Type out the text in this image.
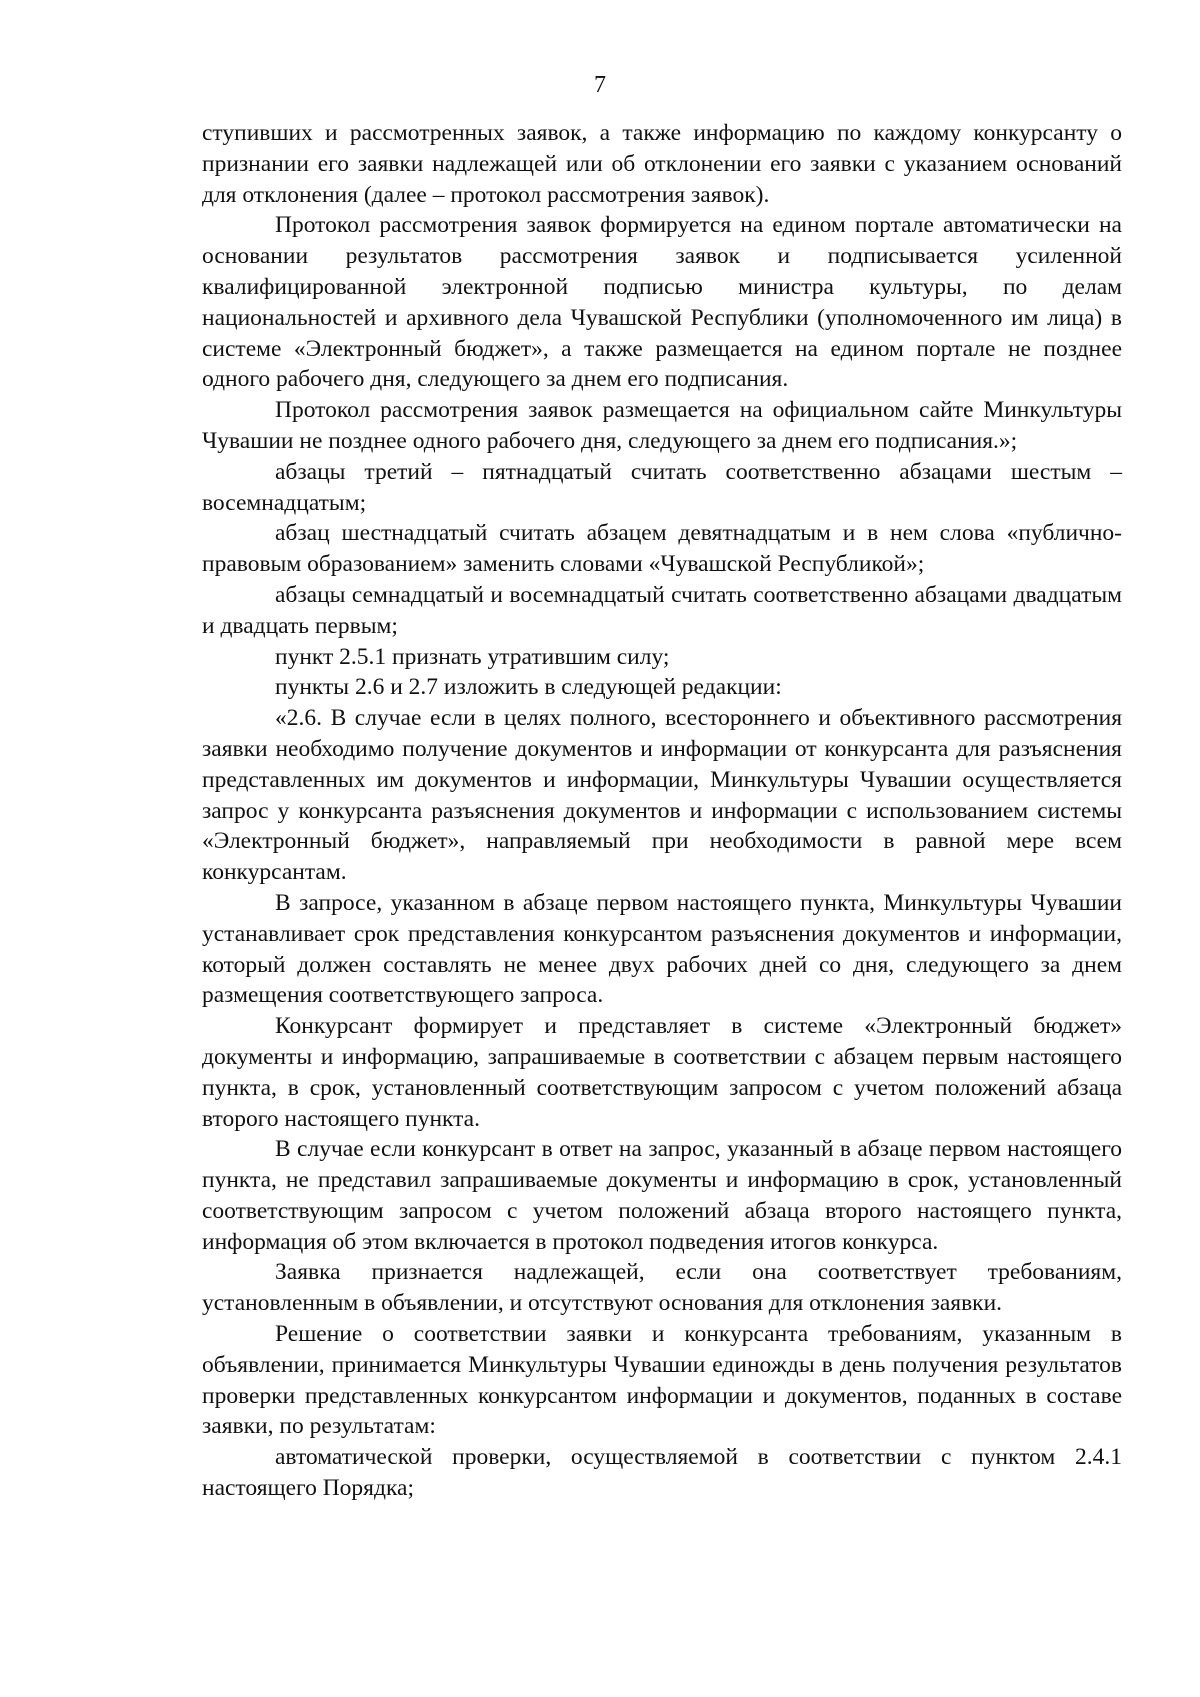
7

ступивших и рассмотренных заявок, а также информацию по каждому конкурсанту о признании его заявки надлежащей или об отклонении его заявки с указанием оснований для отклонения (далее – протокол рассмотрения заявок).

Протокол рассмотрения заявок формируется на едином портале автоматически на основании результатов рассмотрения заявок и подписывается усиленной квалифицированной электронной подписью министра культуры, по делам национальностей и архивного дела Чувашской Республики (уполномоченного им лица) в системе «Электронный бюджет», а также размещается на едином портале не позднее одного рабочего дня, следующего за днем его подписания.

Протокол рассмотрения заявок размещается на официальном сайте Минкультуры Чувашии не позднее одного рабочего дня, следующего за днем его подписания.»;

абзацы третий – пятнадцатый считать соответственно абзацами шестым – восемнадцатым;

абзац шестнадцатый считать абзацем девятнадцатым и в нем слова «публично-правовым образованием» заменить словами «Чувашской Республикой»;

абзацы семнадцатый и восемнадцатый считать соответственно абзацами двадцатым и двадцать первым;

пункт 2.5.1 признать утратившим силу;

пункты 2.6 и 2.7 изложить в следующей редакции:

«2.6. В случае если в целях полного, всестороннего и объективного рассмотрения заявки необходимо получение документов и информации от конкурсанта для разъяснения представленных им документов и информации, Минкультуры Чувашии осуществляется запрос у конкурсанта разъяснения документов и информации с использованием системы «Электронный бюджет», направляемый при необходимости в равной мере всем конкурсантам.

В запросе, указанном в абзаце первом настоящего пункта, Минкультуры Чувашии устанавливает срок представления конкурсантом разъяснения документов и информации, который должен составлять не менее двух рабочих дней со дня, следующего за днем размещения соответствующего запроса.

Конкурсант формирует и представляет в системе «Электронный бюджет» документы и информацию, запрашиваемые в соответствии с абзацем первым настоящего пункта, в срок, установленный соответствующим запросом с учетом положений абзаца второго настоящего пункта.

В случае если конкурсант в ответ на запрос, указанный в абзаце первом настоящего пункта, не представил запрашиваемые документы и информацию в срок, установленный соответствующим запросом с учетом положений абзаца второго настоящего пункта, информация об этом включается в протокол подведения итогов конкурса.

Заявка признается надлежащей, если она соответствует требованиям, установленным в объявлении, и отсутствуют основания для отклонения заявки.

Решение о соответствии заявки и конкурсанта требованиям, указанным в объявлении, принимается Минкультуры Чувашии единожды в день получения результатов проверки представленных конкурсантом информации и документов, поданных в составе заявки, по результатам:

автоматической проверки, осуществляемой в соответствии с пунктом 2.4.1 настоящего Порядка;
